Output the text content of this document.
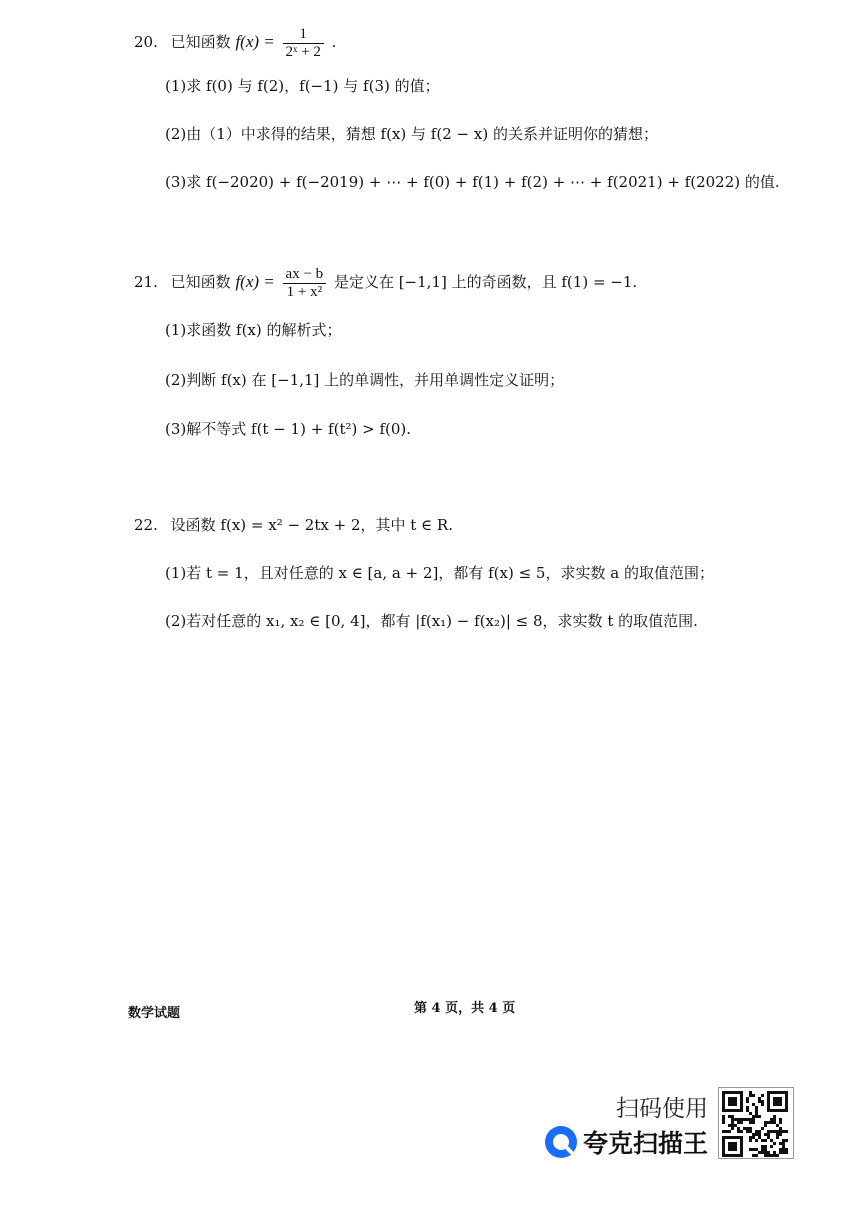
20. 已知函数 $f(x) = \frac{1}{\text{2ˣ + 2}}$ .
(1)求 f(0) 与 f(2)，f(−1) 与 f(3) 的值；
(2)由（1）中求得的结果，猜想 f(x) 与 f(2 − x) 的关系并证明你的猜想；
(3)求 f(−2020) + f(−2019) + ⋯ + f(0) + f(1) + f(2) + ⋯ + f(2021) + f(2022) 的值.
21. 已知函数 $f(x) = \frac{ax - b}{\text{1 + x²}}$ 是定义在 [−1,1] 上的奇函数，且 f(1) = −1.
(1)求函数 f(x) 的解析式；
(2)判断 f(x) 在 [−1,1] 上的单调性，并用单调性定义证明；
(3)解不等式 f(t − 1) + f(t²) > f(0).
22. 设函数 f(x) = x² − 2tx + 2，其中 t ∈ R.
(1)若 t = 1，且对任意的 x ∈ [a, a + 2]，都有 f(x) ≤ 5，求实数 a 的取值范围；
(2)若对任意的 x₁, x₂ ∈ [0, 4]，都有 |f(x₁) − f(x₂)| ≤ 8，求实数 t 的取值范围.
数学试题	第 4 页，共 4 页
扫码使用
夸克扫描王
